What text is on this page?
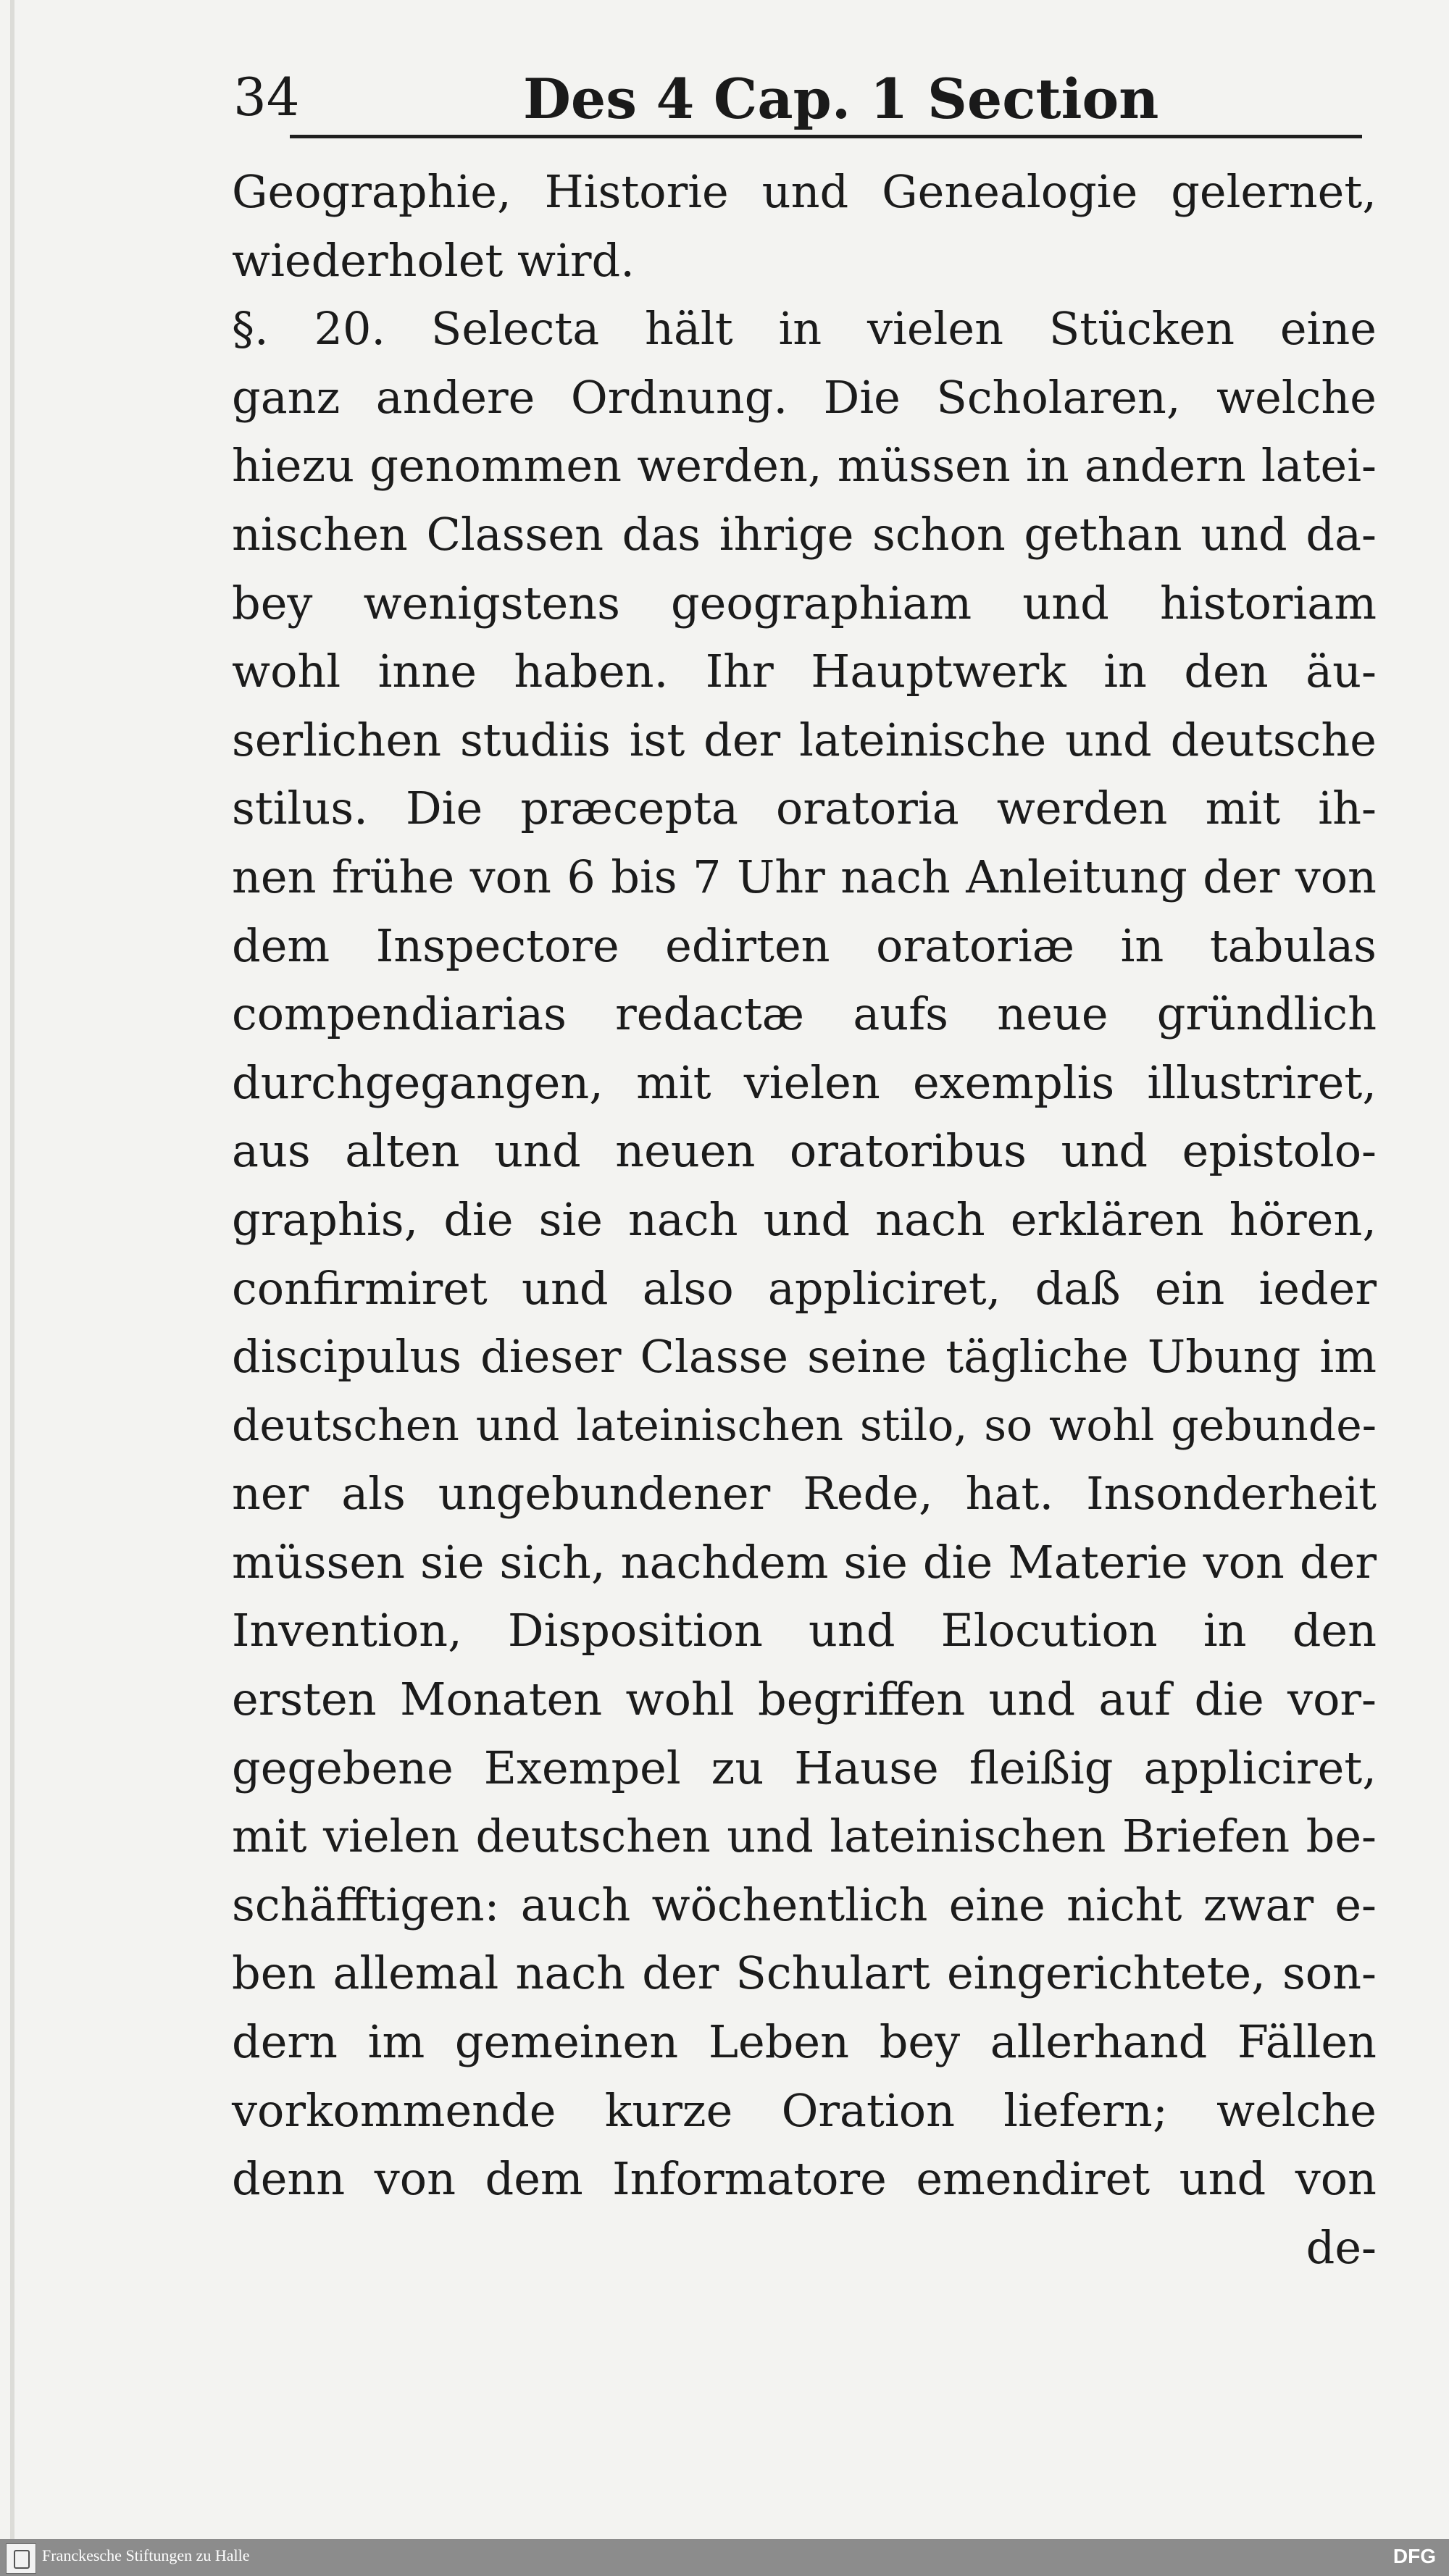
34	Des 4 Cap. 1 Section
Geographie, Historie und Genealogie gelernet,
wiederholet wird.
§. 20. Selecta hält in vielen Stücken eine
ganz andere Ordnung. Die Scholaren, welche
hiezu genommen werden, müssen in andern latei-
nischen Classen das ihrige schon gethan und da-
bey wenigstens geographiam und historiam
wohl inne haben. Ihr Hauptwerk in den äu-
serlichen studiis ist der lateinische und deutsche
stilus. Die præcepta oratoria werden mit ih-
nen frühe von 6 bis 7 Uhr nach Anleitung der von
dem Inspectore edirten oratoriæ in tabulas
compendiarias redactæ aufs neue gründlich
durchgegangen, mit vielen exemplis illustriret,
aus alten und neuen oratoribus und epistolo-
graphis, die sie nach und nach erklären hören,
confirmiret und also appliciret, daß ein ieder
discipulus dieser Classe seine tägliche Ubung im
deutschen und lateinischen stilo, so wohl gebunde-
ner als ungebundener Rede, hat. Insonderheit
müssen sie sich, nachdem sie die Materie von der
Invention, Disposition und Elocution in den
ersten Monaten wohl begriffen und auf die vor-
gegebene Exempel zu Hause fleißig appliciret,
mit vielen deutschen und lateinischen Briefen be-
schäfftigen: auch wöchentlich eine nicht zwar e-
ben allemal nach der Schulart eingerichtete, son-
dern im gemeinen Leben bey allerhand Fällen
vorkommende kurze Oration liefern; welche
denn von dem Informatore emendiret und von
de-
Franckesche Stiftungen zu Halle	DFG
